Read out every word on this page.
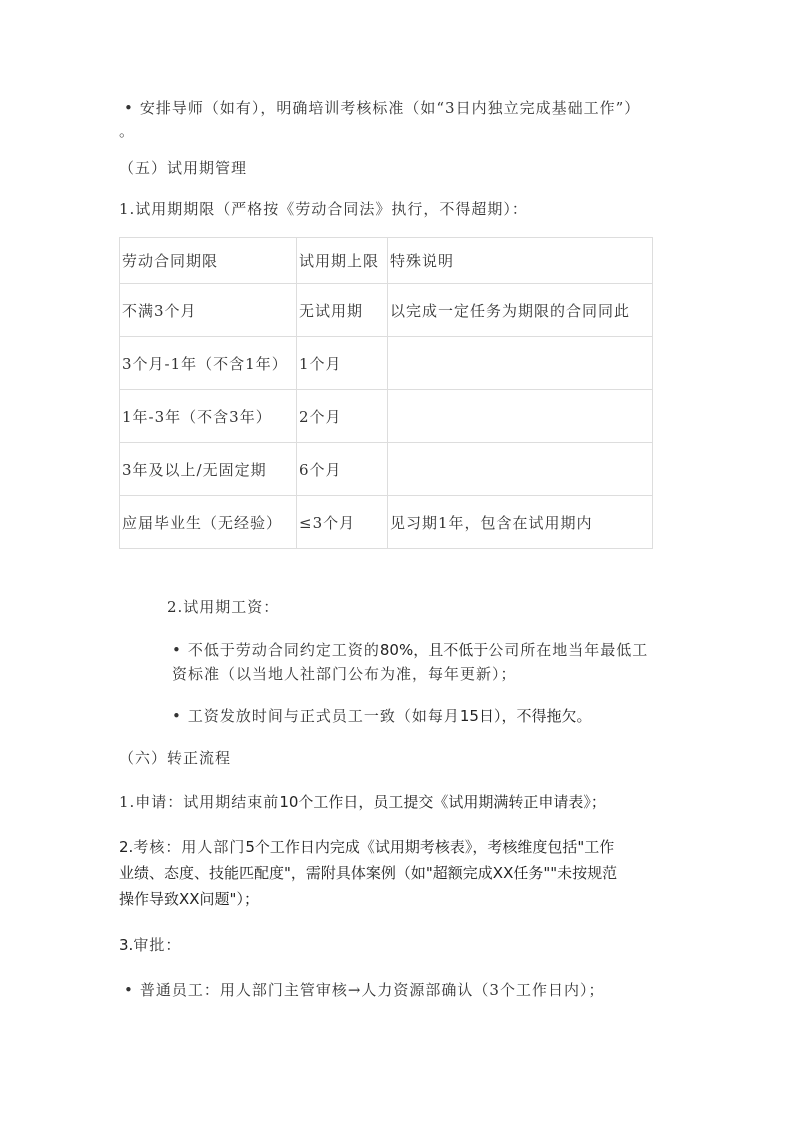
• 安排导师（如有），明确培训考核标准（如“3日内独立完成基础工作”）
。
（五）试用期管理
1.试用期期限（严格按《劳动合同法》执行，不得超期）：
劳动合同期限	试用期上限	特殊说明
不满3个月	无试用期	以完成一定任务为期限的合同同此
3个月-1年（不含1年）	1个月	
1年-3年（不含3年）	2个月	
3年及以上/无固定期	6个月	
应届毕业生（无经验）	≤3个月	见习期1年，包含在试用期内
2.试用期工资：
• 不低于劳动合同约定工资的80%，且不低于公司所在地当年最低工
资标准（以当地人社部门公布为准，每年更新）；
• 工资发放时间与正式员工一致（如每月15日），不得拖欠。
（六）转正流程
1.申请：试用期结束前10个工作日，员工提交《试用期满转正申请表》；
2.考核：用人部门5个工作日内完成《试用期考核表》，考核维度包括"工作
业绩、态度、技能匹配度"，需附具体案例（如"超额完成XX任务""未按规范
操作导致XX问题"）；
3.审批：
• 普通员工：用人部门主管审核→人力资源部确认（3个工作日内）；
